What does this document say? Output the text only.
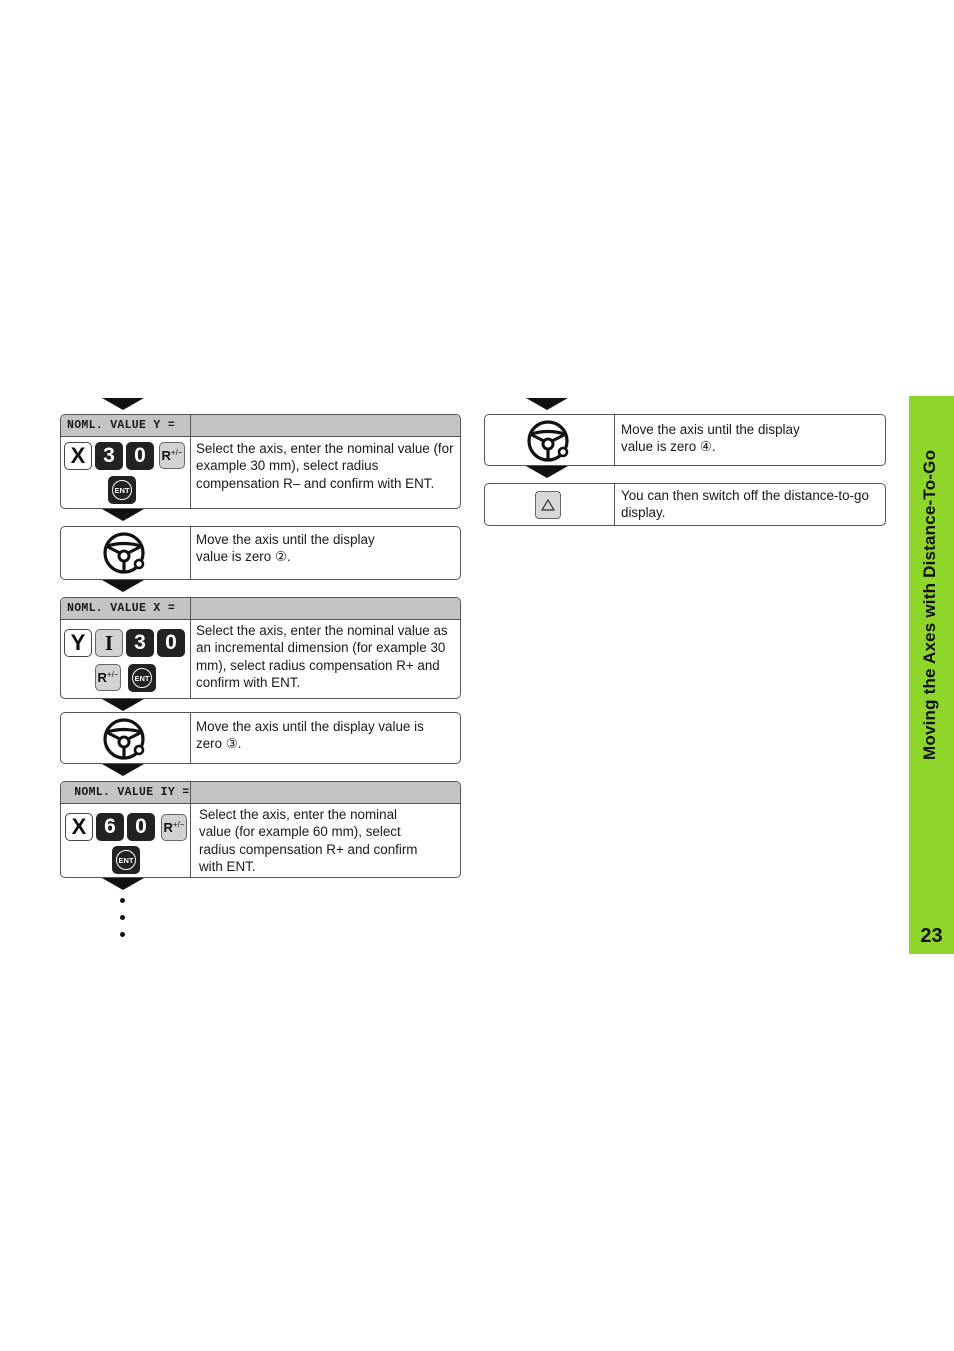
NOML. VALUE Y =
X 3 0	R+/−
ENT
Select the axis, enter the nominal value (for example 30 mm), select radius compensation R– and confirm with ENT.
Move the axis until the display value is zero ②.
NOML. VALUE X =
Y I	3 0
R+/−	ENT
Select the axis, enter the nominal value as an incremental dimension (for example 30 mm), select radius compensation R+ and confirm with ENT.
Move the axis until the display value is zero ③.
NOML. VALUE IY =
X 6 0	R+/−
ENT
Select the axis, enter the nominal value (for example 60 mm), select radius compensation R+ and confirm with ENT.
Move the axis until the display value is zero ④.
You can then switch off the distance-to-go display.	Moving the Axes with Distance-To-Go
23
